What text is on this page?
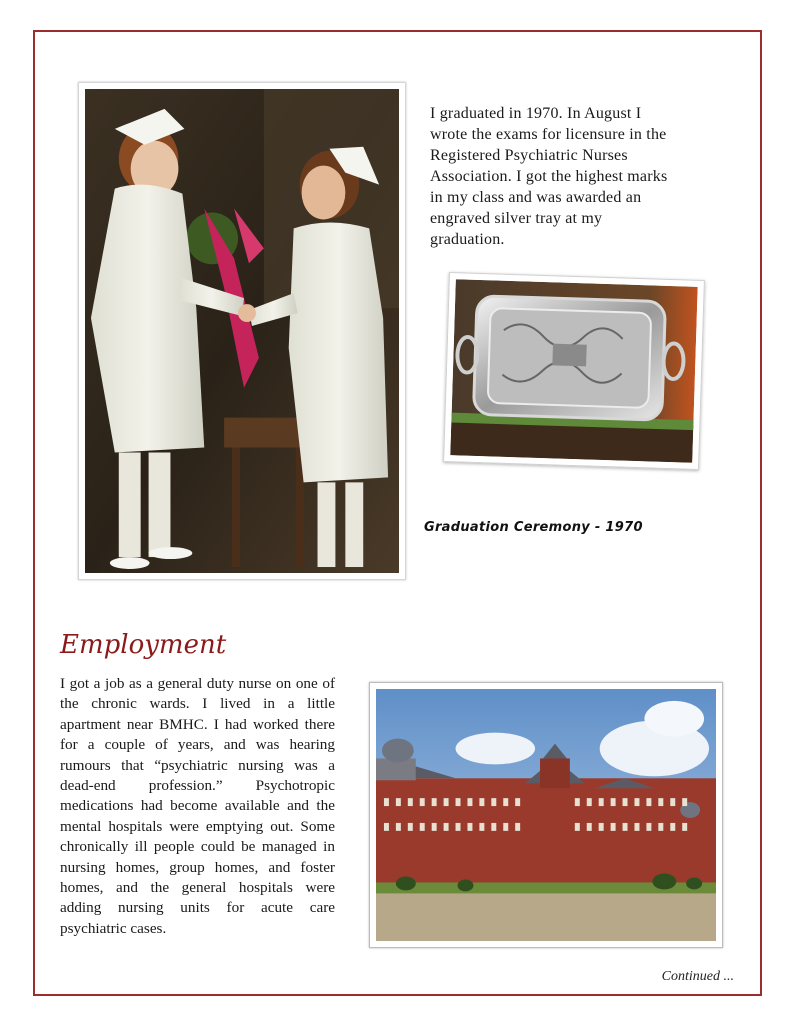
I graduated in 1970. In August I wrote the exams for licensure in the Registered Psychiatric Nurses Association. I got the highest marks in my class and was awarded an engraved silver tray at my graduation.

Graduation Ceremony - 1970

Employment

I got a job as a general duty nurse on one of the chronic wards. I lived in a little apartment near BMHC. I had worked there for a couple of years, and was hearing rumours that “psychiatric nursing was a dead-end profession.” Psychotropic medications had become available and the mental hospitals were emptying out. Some chronically ill people could be managed in nursing homes, group homes, and foster homes, and the general hospitals were adding nursing units for acute care psychiatric cases.

Continued ...
